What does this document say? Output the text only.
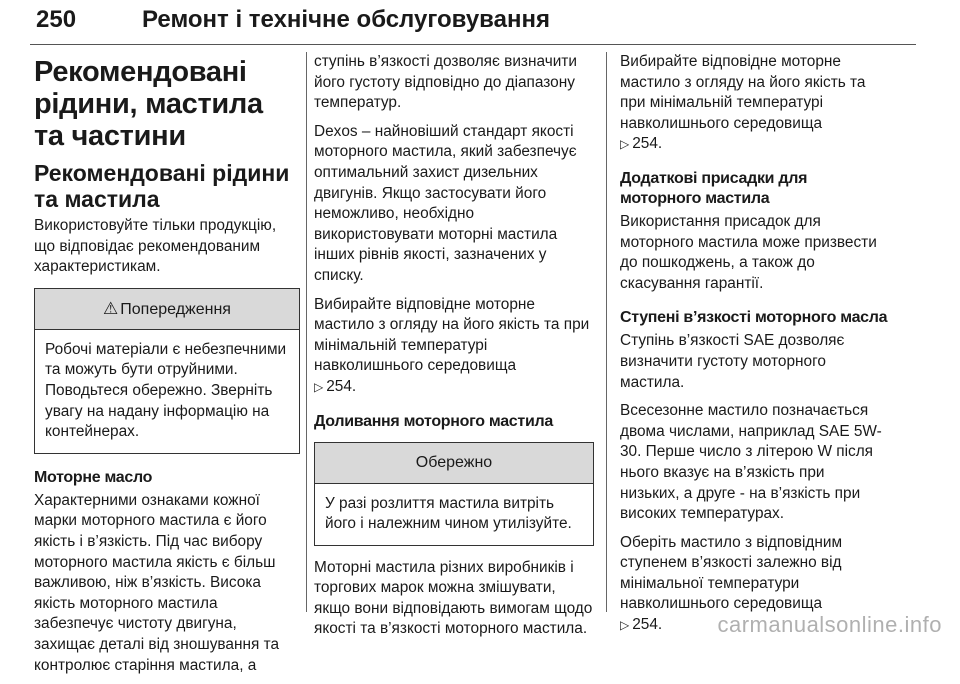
250	Ремонт і технічне обслуговування
Рекомендовані рідини, мастила та частини
Рекомендовані рідини та мастила

Використовуйте тільки продукцію, що відповідає рекомендованим характеристикам.

⚠ Попередження

Робочі матеріали є небезпечними та можуть бути отруйними. Поводьтеся обережно. Зверніть увагу на надану інформацію на контейнерах.

Моторне масло

Характерними ознаками кожної марки моторного мастила є його якість і в’язкість. Під час вибору моторного мастила якість є більш важливою, ніж в’язкість. Висока якість моторного мастила забезпечує чистоту двигуна, захищає деталі від зношування та контролює старіння мастила, а

ступінь в’язкості дозволяє визначити його густоту відповідно до діапазону температур.

Dexos – найновіший стандарт якості моторного мастила, який забезпечує оптимальний захист дизельних двигунів. Якщо застосувати його неможливо, необхідно використовувати моторні мастила інших рівнів якості, зазначених у списку.

Вибирайте відповідне моторне мастило з огляду на його якість та при мінімальній температурі навколишнього середовища
▷ 254.

Доливання моторного мастила
Обережно

У разі розлиття мастила витріть його і належним чином утилізуйте.

Моторні мастила різних виробників і торгових марок можна змішувати, якщо вони відповідають вимогам щодо якості та в’язкості моторного мастила.

Вибирайте відповідне моторне мастило з огляду на його якість та при мінімальній температурі навколишнього середовища
▷ 254.

Додаткові присадки для моторного мастила

Використання присадок для моторного мастила може призвести до пошкоджень, а також до скасування гарантії.

Ступені в’язкості моторного масла

Ступінь в’язкості SAE дозволяє визначити густоту моторного мастила.

Всесезонне мастило позначається двома числами, наприклад SAE 5W-30. Перше число з літерою W після нього вказує на в’язкість при низьких, а друге - на в’язкість при високих температурах.

Оберіть мастило з відповідним ступенем в’язкості залежно від мінімальної температури навколишнього середовища
▷ 254.	carmanualsonline.info
